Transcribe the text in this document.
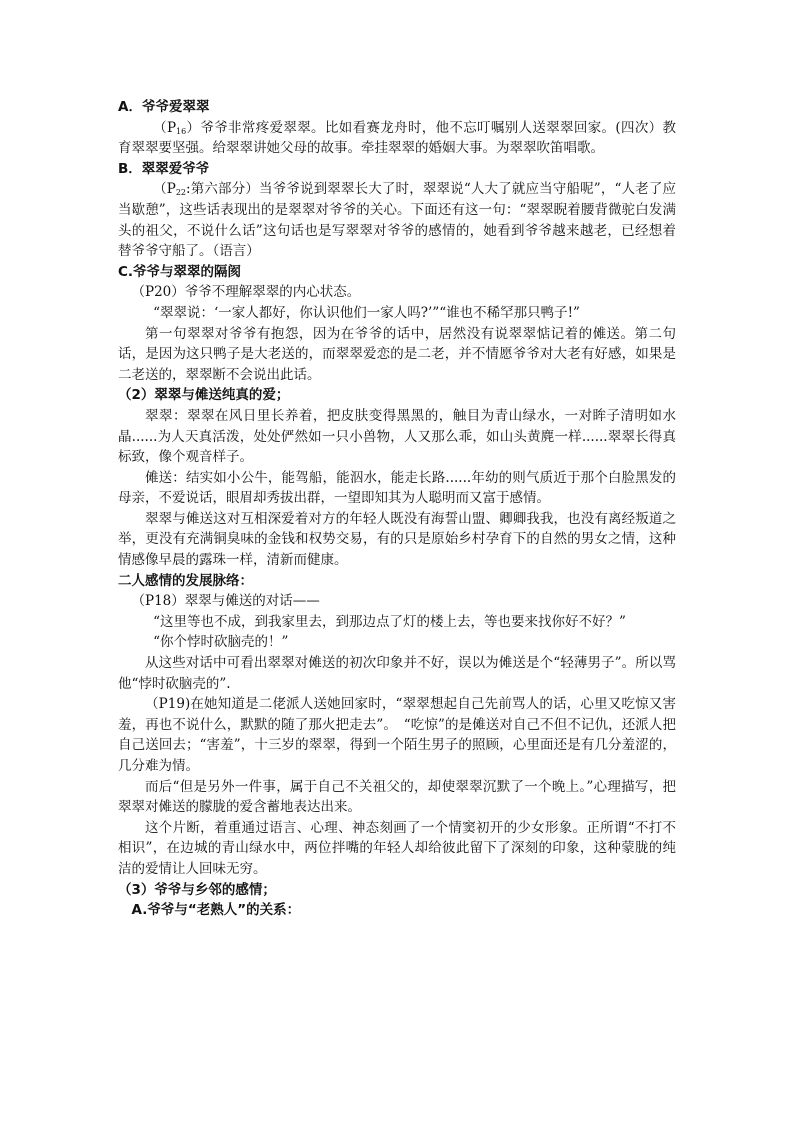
A．爷爷爱翠翠

$(P_{16})$爷爷非常疼爱翠翠。比如看赛龙舟时，他不忘叮嘱别人送翠翠回家。(四次）教育翠翠要坚强。给翠翠讲她父母的故事。牵挂翠翠的婚姻大事。为翠翠吹笛唱歌。

B．翠翠爱爷爷

（$P_{22}$:第六部分）当爷爷说到翠翠长大了时，翠翠说“人大了就应当守船呢”，“人老了应当歇憩”，这些话表现出的是翠翠对爷爷的关心。下面还有这一句：“翠翠睨着腰背微驼白发满头的祖父，不说什么话”这句话也是写翠翠对爷爷的感情的，她看到爷爷越来越老，已经想着替爷爷守船了。（语言）

C.爷爷与翠翠的隔阂

（P20）爷爷不理解翠翠的内心状态。

“翠翠说：‘一家人都好，你认识他们一家人吗?’”“谁也不稀罕那只鸭子!”

第一句翠翠对爷爷有抱怨，因为在爷爷的话中，居然没有说翠翠惦记着的傩送。第二句话，是因为这只鸭子是大老送的，而翠翠爱恋的是二老，并不情愿爷爷对大老有好感，如果是二老送的，翠翠断不会说出此话。

（2）翠翠与傩送纯真的爱；

翠翠：翠翠在风日里长养着，把皮肤变得黑黑的，触目为青山绿水，一对眸子清明如水晶......为人天真活泼，处处俨然如一只小兽物，人又那么乖，如山头黄麂一样......翠翠长得真标致，像个观音样子。

傩送：结实如小公牛，能驾船，能泅水，能走长路......年幼的则气质近于那个白脸黑发的母亲，不爱说话，眼眉却秀拔出群，一望即知其为人聪明而又富于感情。

翠翠与傩送这对互相深爱着对方的年轻人既没有海誓山盟、卿卿我我，也没有离经叛道之举，更没有充满铜臭味的金钱和权势交易，有的只是原始乡村孕育下的自然的男女之情，这种情感像早晨的露珠一样，清新而健康。

二人感情的发展脉络：

（P18）翠翠与傩送的对话——

“这里等也不成，到我家里去，到那边点了灯的楼上去，等也要来找你好不好？”

“你个悖时砍脑壳的！”

从这些对话中可看出翠翠对傩送的初次印象并不好，误以为傩送是个“轻薄男子”。所以骂他“悖时砍脑壳的”.

（P19)在她知道是二佬派人送她回家时，“翠翠想起自己先前骂人的话，心里又吃惊又害羞，再也不说什么，默默的随了那火把走去”。　“吃惊”的是傩送对自己不但不记仇，还派人把自己送回去；“害羞”，十三岁的翠翠，得到一个陌生男子的照顾，心里面还是有几分羞涩的，几分难为情。

而后“但是另外一件事，属于自己不关祖父的，却使翠翠沉默了一个晚上。”心理描写，把翠翠对傩送的朦胧的爱含蓄地表达出来。

这个片断，着重通过语言、心理、神态刻画了一个情窦初开的少女形象。正所谓“不打不相识”，在边城的青山绿水中，两位拌嘴的年轻人却给彼此留下了深刻的印象，这种蒙胧的纯洁的爱情让人回味无穷。

（3）爷爷与乡邻的感情；

A.爷爷与“老熟人”的关系：
